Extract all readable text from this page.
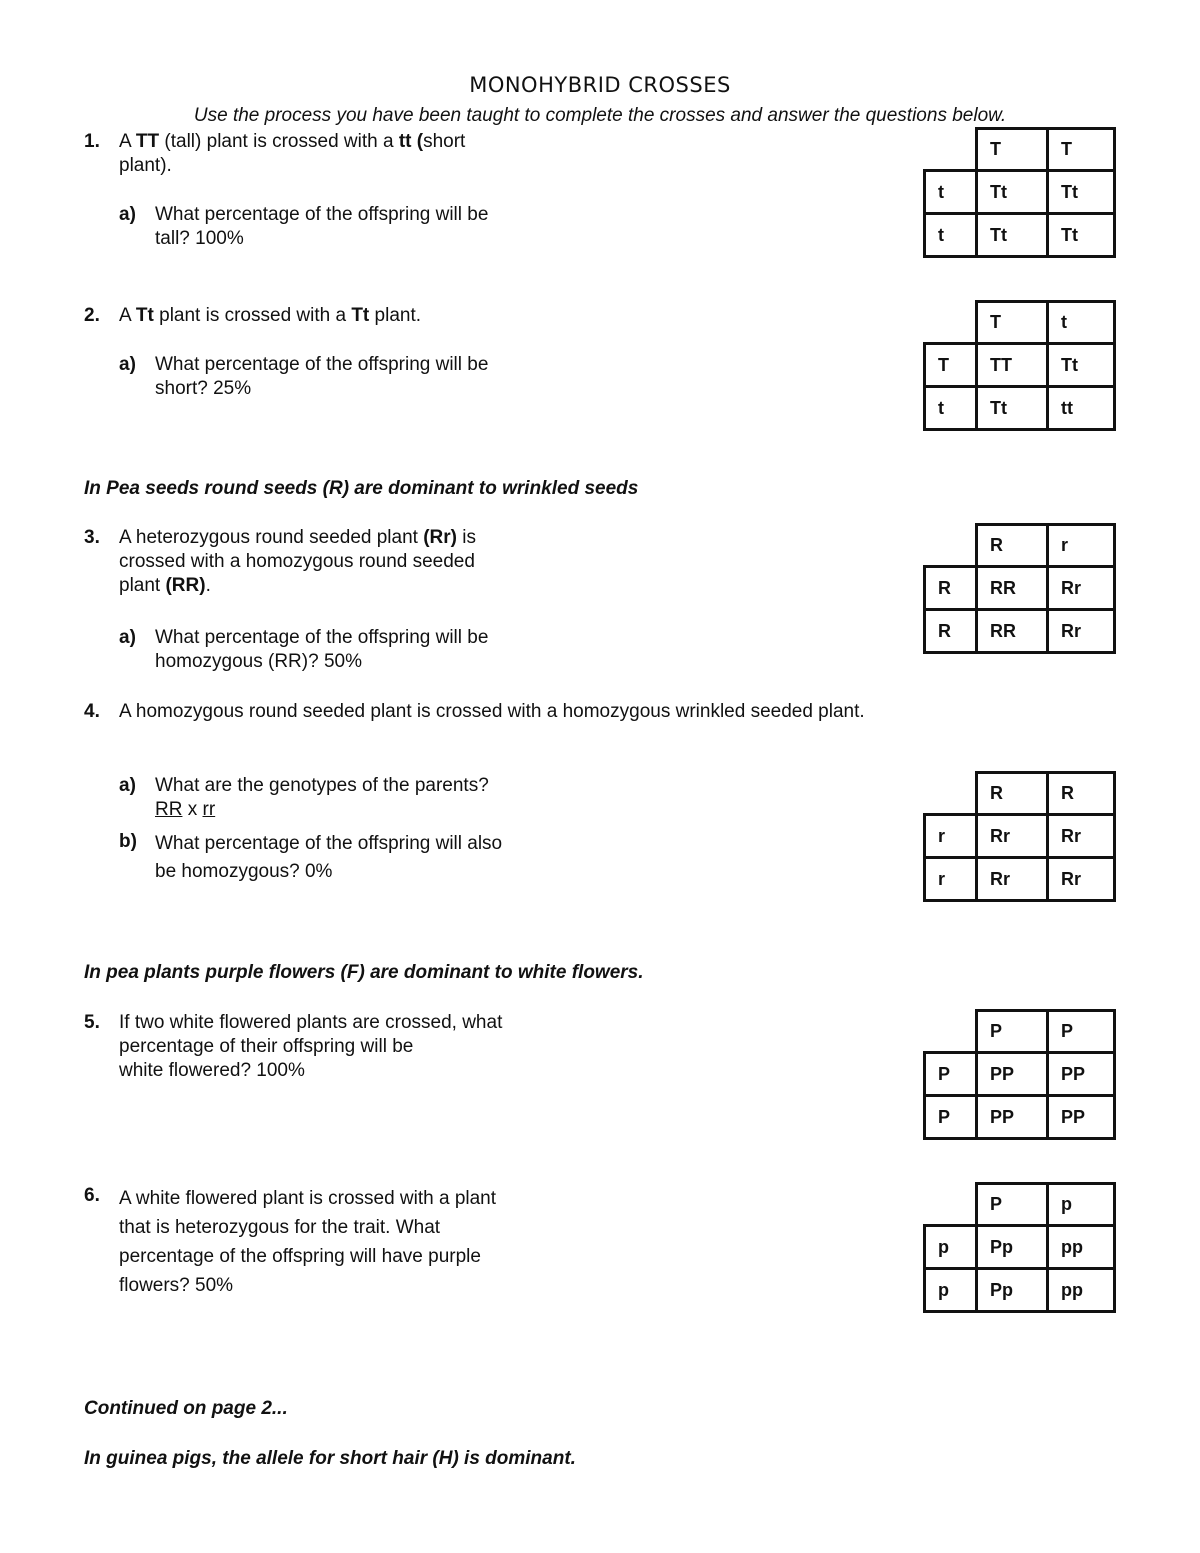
MONOHYBRID CROSSES
Use the process you have been taught to complete the crosses and answer the questions below.
1.	A TT (tall) plant is crossed with a tt (short
plant).
a) What percentage of the offspring will be
tall? 100%
2.	A Tt plant is crossed with a Tt plant.
a) What percentage of the offspring will be
short? 25%
In Pea seeds round seeds (R) are dominant to wrinkled seeds
3.	A heterozygous round seeded plant (Rr) is
crossed with a homozygous round seeded
plant (RR).
a) What percentage of the offspring will be
homozygous (RR)? 50%
4.	A homozygous round seeded plant is crossed with a homozygous wrinkled seeded plant.
a) What are the genotypes of the parents?
RR x rr
b) What percentage of the offspring will also
be homozygous? 0%
In pea plants purple flowers (F) are dominant to white flowers.
5.	If two white flowered plants are crossed, what
percentage of their offspring will be
white flowered? 100%
6.	A white flowered plant is crossed with a plant
that is heterozygous for the trait. What
percentage of the offspring will have purple
flowers? 50%
Continued on page 2...
In guinea pigs, the allele for short hair (H) is dominant.
	T	T
t	Tt	Tt
t	Tt	Tt
	T	t
T	TT	Tt
t	Tt	tt
	R	r
R	RR	Rr
R	RR	Rr
	R	R
r	Rr	Rr
r	Rr	Rr
	P	P
P	PP	PP
P	PP	PP
	P	p
p	Pp	pp
p	Pp	pp
